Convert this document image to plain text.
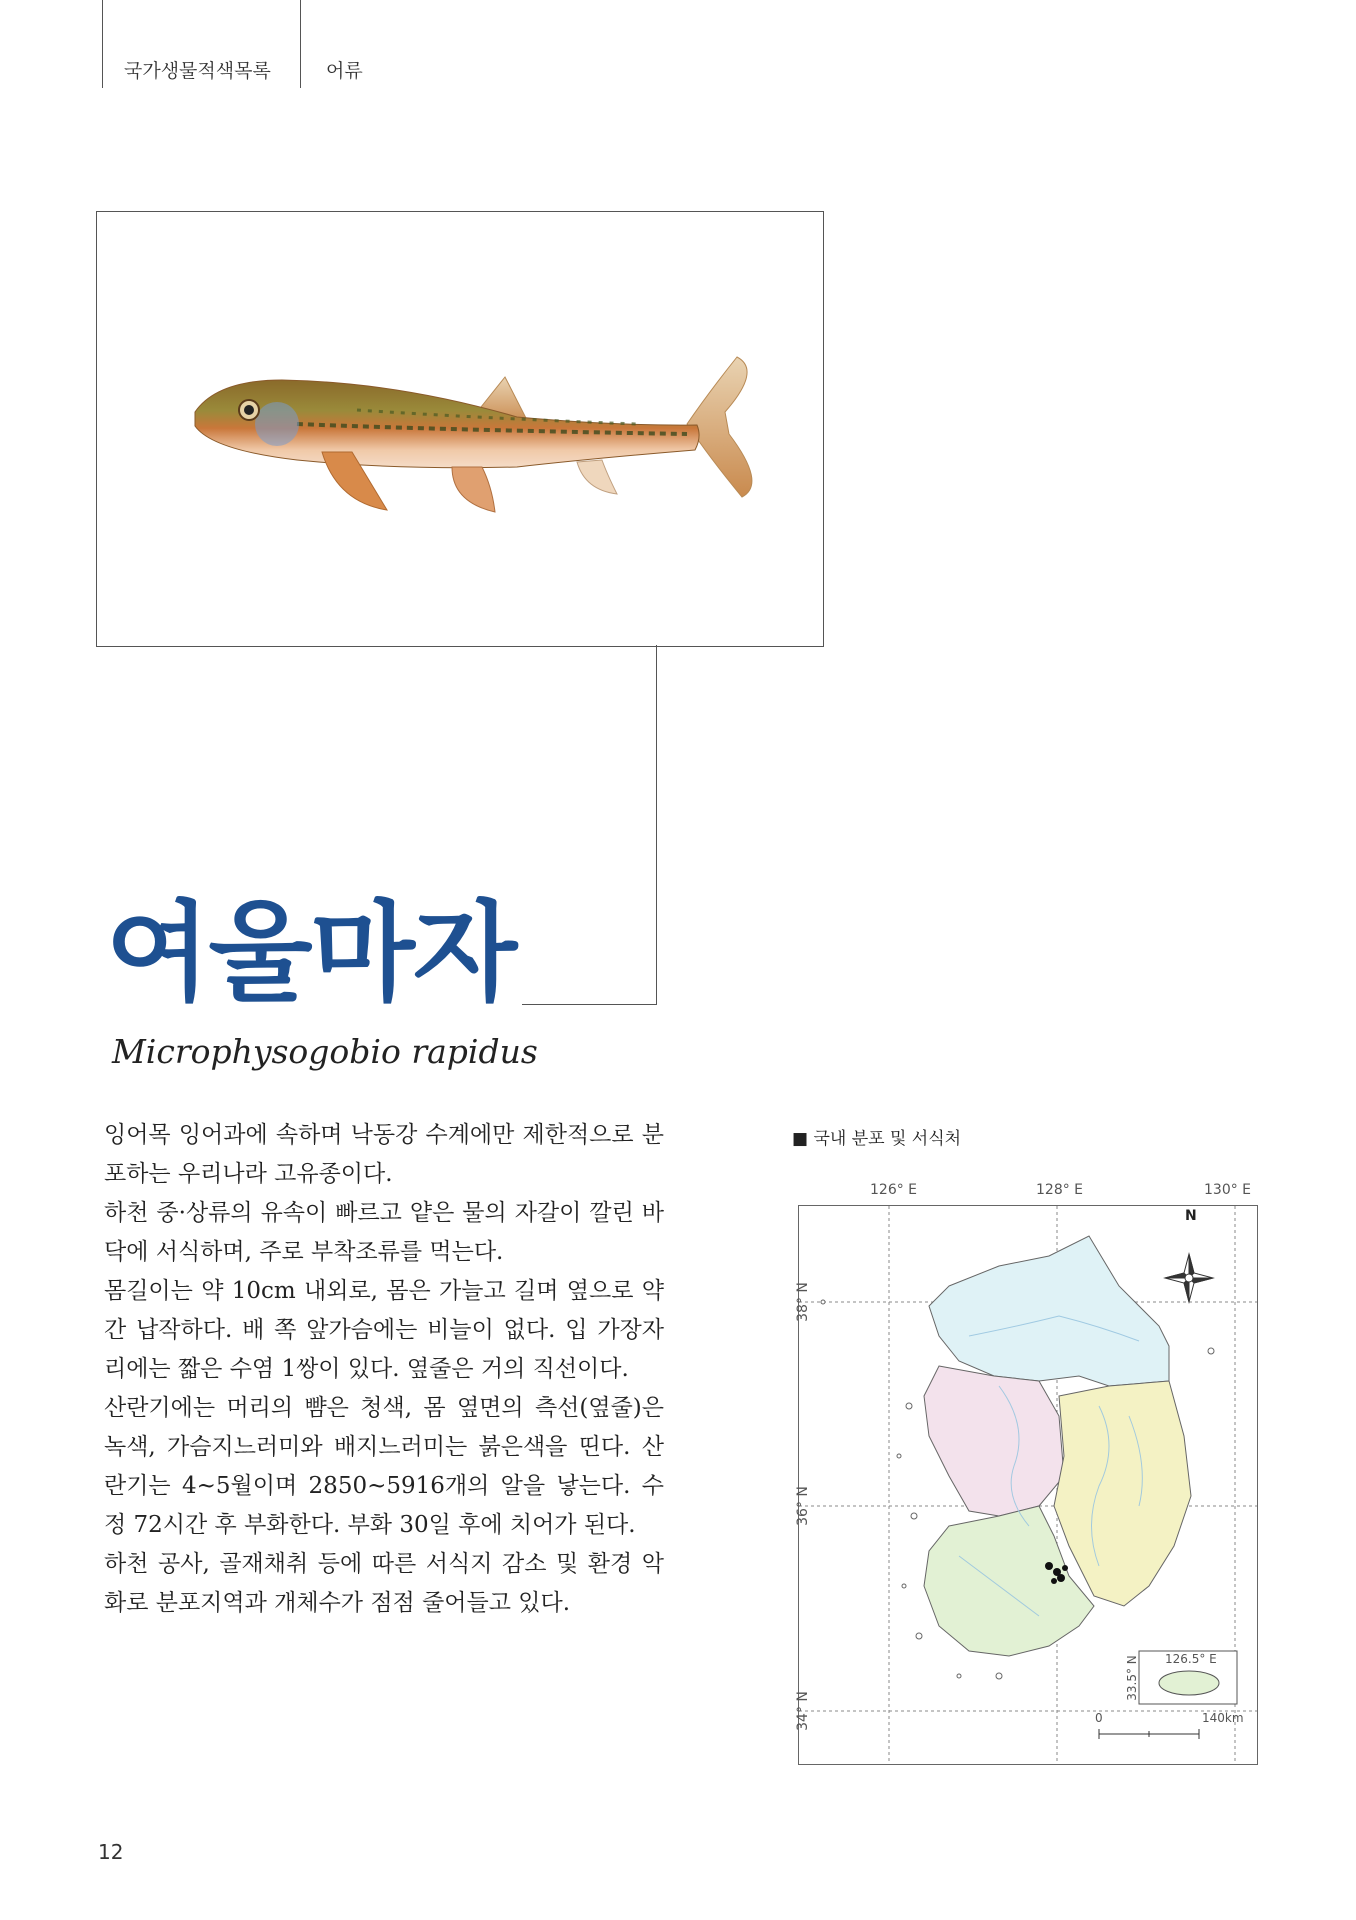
국가생물적색목록	어류
여울마자
Microphysogobio rapidus

잉어목 잉어과에 속하며 낙동강 수계에만 제한적으로 분포하는 우리나라 고유종이다.

하천 중·상류의 유속이 빠르고 얕은 물의 자갈이 깔린 바닥에 서식하며, 주로 부착조류를 먹는다.

몸길이는 약 10cm 내외로, 몸은 가늘고 길며 옆으로 약간 납작하다. 배 쪽 앞가슴에는 비늘이 없다. 입 가장자리에는 짧은 수염 1쌍이 있다. 옆줄은 거의 직선이다.

산란기에는 머리의 뺨은 청색, 몸 옆면의 측선(옆줄)은 녹색, 가슴지느러미와 배지느러미는 붉은색을 띤다. 산란기는 4~5월이며 2850~5916개의 알을 낳는다. 수정 72시간 후 부화한다. 부화 30일 후에 치어가 된다.

하천 공사, 골재채취 등에 따른 서식지 감소 및 환경 악화로 분포지역과 개체수가 점점 줄어들고 있다.

■ 국내 분포 및 서식처
126° E	128° E	130° E
N
38° N
36° N
34° N
126.5° E
33.5° N
0	140km
12
